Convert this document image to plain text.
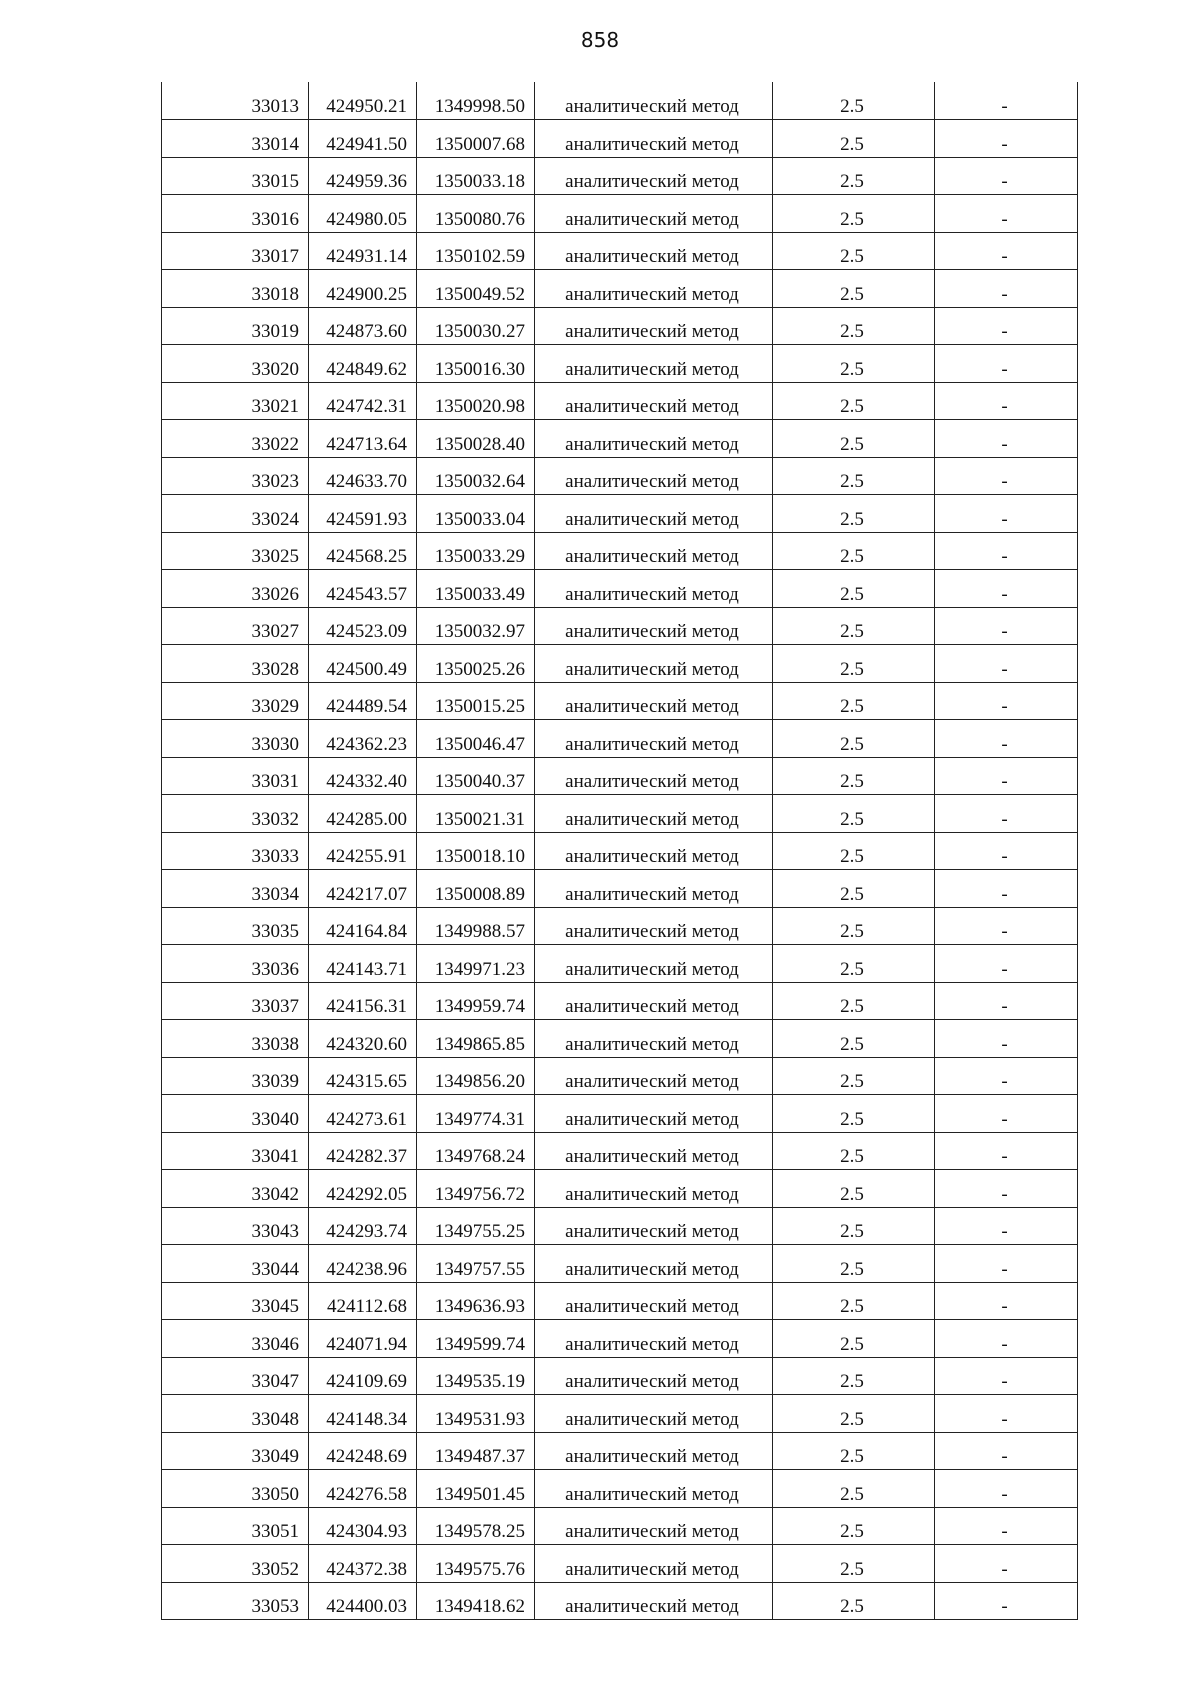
858
33013	424950.21	1349998.50	аналитический метод	2.5	-
33014	424941.50	1350007.68	аналитический метод	2.5	-
33015	424959.36	1350033.18	аналитический метод	2.5	-
33016	424980.05	1350080.76	аналитический метод	2.5	-
33017	424931.14	1350102.59	аналитический метод	2.5	-
33018	424900.25	1350049.52	аналитический метод	2.5	-
33019	424873.60	1350030.27	аналитический метод	2.5	-
33020	424849.62	1350016.30	аналитический метод	2.5	-
33021	424742.31	1350020.98	аналитический метод	2.5	-
33022	424713.64	1350028.40	аналитический метод	2.5	-
33023	424633.70	1350032.64	аналитический метод	2.5	-
33024	424591.93	1350033.04	аналитический метод	2.5	-
33025	424568.25	1350033.29	аналитический метод	2.5	-
33026	424543.57	1350033.49	аналитический метод	2.5	-
33027	424523.09	1350032.97	аналитический метод	2.5	-
33028	424500.49	1350025.26	аналитический метод	2.5	-
33029	424489.54	1350015.25	аналитический метод	2.5	-
33030	424362.23	1350046.47	аналитический метод	2.5	-
33031	424332.40	1350040.37	аналитический метод	2.5	-
33032	424285.00	1350021.31	аналитический метод	2.5	-
33033	424255.91	1350018.10	аналитический метод	2.5	-
33034	424217.07	1350008.89	аналитический метод	2.5	-
33035	424164.84	1349988.57	аналитический метод	2.5	-
33036	424143.71	1349971.23	аналитический метод	2.5	-
33037	424156.31	1349959.74	аналитический метод	2.5	-
33038	424320.60	1349865.85	аналитический метод	2.5	-
33039	424315.65	1349856.20	аналитический метод	2.5	-
33040	424273.61	1349774.31	аналитический метод	2.5	-
33041	424282.37	1349768.24	аналитический метод	2.5	-
33042	424292.05	1349756.72	аналитический метод	2.5	-
33043	424293.74	1349755.25	аналитический метод	2.5	-
33044	424238.96	1349757.55	аналитический метод	2.5	-
33045	424112.68	1349636.93	аналитический метод	2.5	-
33046	424071.94	1349599.74	аналитический метод	2.5	-
33047	424109.69	1349535.19	аналитический метод	2.5	-
33048	424148.34	1349531.93	аналитический метод	2.5	-
33049	424248.69	1349487.37	аналитический метод	2.5	-
33050	424276.58	1349501.45	аналитический метод	2.5	-
33051	424304.93	1349578.25	аналитический метод	2.5	-
33052	424372.38	1349575.76	аналитический метод	2.5	-
33053	424400.03	1349418.62	аналитический метод	2.5	-
